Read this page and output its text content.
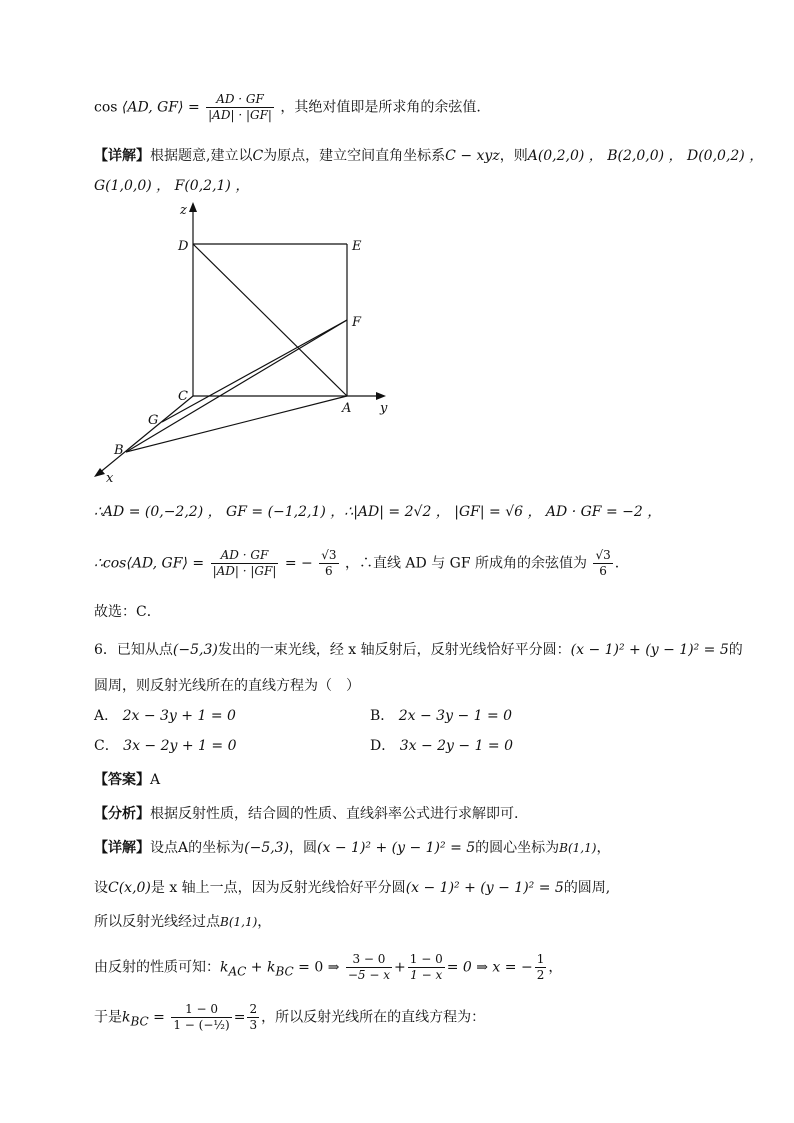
cos ⟨AD, GF⟩ = $\frac{AD \cdot GF}{|AD| \cdot |GF|}$ ，其绝对值即是所求角的余弦值.
【详解】根据题意,建立以C为原点，建立空间直角坐标系C − xyz，则A(0,2,0) ， B(2,0,0) ， D(0,0,2) ，
G(1,0,0) ， F(0,2,1) ，
z
y
x
D	E
F
C
A
G
B
∴AD = (0,−2,2) ， GF = (−1,2,1) ，∴|AD| = 2√2 ， |GF| = √6 ， AD · GF = −2 ，
∴cos⟨AD, GF⟩ = $\frac{AD \cdot GF}{|AD| \cdot |GF|}$ = − $\frac{√3}{6}$ ，∴直线 AD 与 GF 所成角的余弦值为 $\frac{√3}{6}$ .
故选：C．
6．已知从点(−5,3)发出的一束光线，经 x 轴反射后，反射光线恰好平分圆：(x − 1)² + (y − 1)² = 5的
圆周，则反射光线所在的直线方程为（　）
A． 2x − 3y + 1 = 0	B． 2x − 3y − 1 = 0
C． 3x − 2y + 1 = 0	D． 3x − 2y − 1 = 0
【答案】A
【分析】根据反射性质，结合圆的性质、直线斜率公式进行求解即可.
【详解】设点A的坐标为(−5,3)，圆(x − 1)² + (y − 1)² = 5的圆心坐标为B(1,1)，
设C(x,0)是 x 轴上一点，因为反射光线恰好平分圆(x − 1)² + (y − 1)² = 5的圆周,
所以反射光线经过点B(1,1)，
由反射的性质可知：$k_{AC} + k_{BC} = 0$ ⇒ $\frac{3 - 0}{-5 - x} + \frac{1 - 0}{1 - x} = 0$ ⇒ x = − $\frac{1}{2}$ ，
于是$k_{BC} = \frac{1 - 0}{\text{1 − (−½)}} = \frac{2}{3}$ ，所以反射光线所在的直线方程为：
